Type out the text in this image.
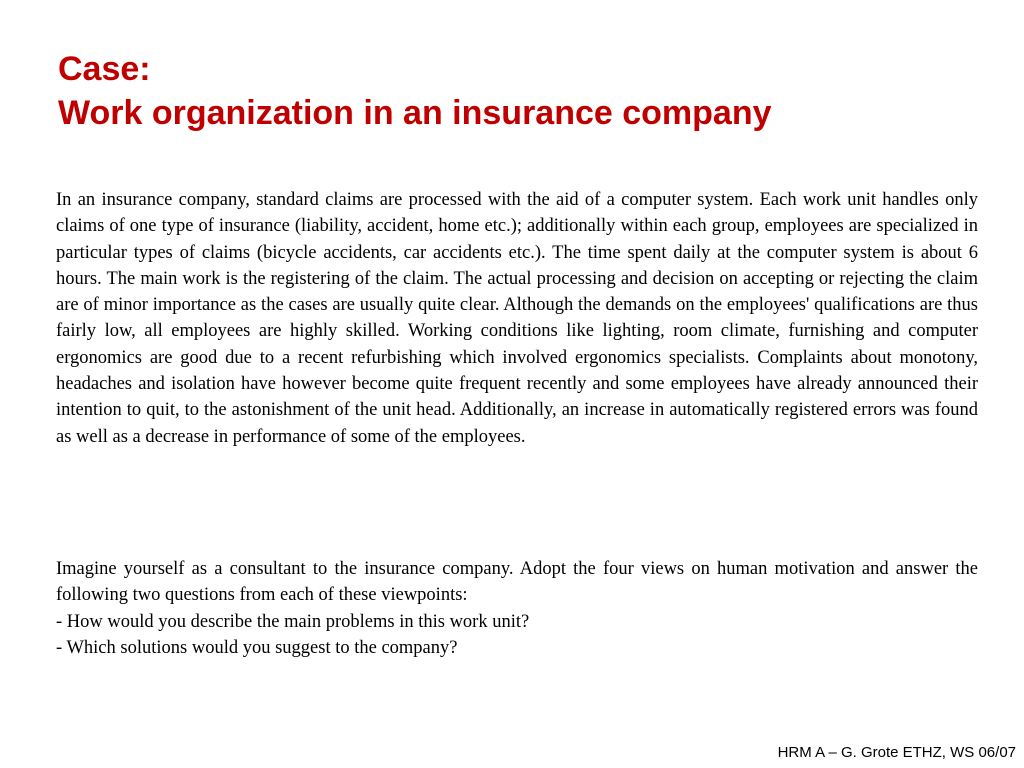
Case:
Work organization in an insurance company

In an insurance company, standard claims are processed with the aid of a computer system. Each work unit handles only claims of one type of insurance (liability, accident, home etc.); additionally within each group, employees are specialized in particular types of claims (bicycle accidents, car accidents etc.). The time spent daily at the computer system is about 6 hours. The main work is the registering of the claim. The actual processing and decision on accepting or rejecting the claim are of minor importance as the cases are usually quite clear. Although the demands on the employees' qualifications are thus fairly low, all employees are highly skilled. Working conditions like lighting, room climate, furnishing and computer ergonomics are good due to a recent refurbishing which involved ergonomics specialists. Complaints about monotony, headaches and isolation have however become quite frequent recently and some employees have already announced their intention to quit, to the astonishment of the unit head. Additionally, an increase in automatically registered errors was found as well as a decrease in performance of some of the employees.

Imagine yourself as a consultant to the insurance company. Adopt the four views on human motivation and answer the following two questions from each of these viewpoints:

- How would you describe the main problems in this work unit?
- Which solutions would you suggest to the company?
HRM A – G. Grote ETHZ, WS 06/07
